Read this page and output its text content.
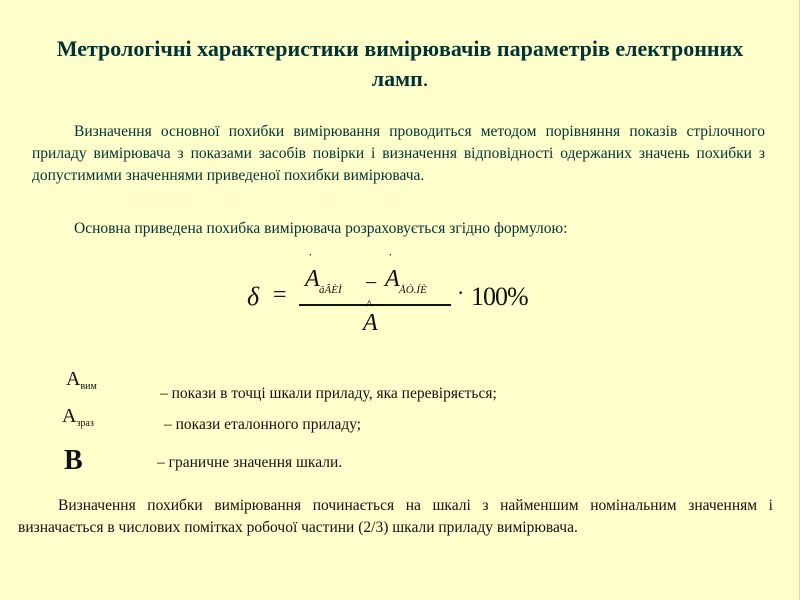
Метрологічні характеристики вимірювачів параметрів електронних ламп.
Визначення основної похибки вимірювання проводиться методом порівняння показів стрілочного приладу вимірювача з показами засобів повірки і визначення відповідності одержаних значень похибки з допустимими значеннями приведеної похибки вимірювача.
Основна приведена похибка вимірювача розраховується згідно формулою:
δ =
˙
A âÂÈÌ −
˙
A ÅÒ.ÍÈ
^
A
· 100%
$A_{вим}$	– покази в точці шкали приладу, яка перевіряється;
$A_{зраз}$	– покази еталонного приладу;
B	– граничне значення шкали.
Визначення похибки вимірювання починається на шкалі з найменшим номінальним значенням і визначається в числових помітках робочої частини (2/3) шкали приладу вимірювача.
